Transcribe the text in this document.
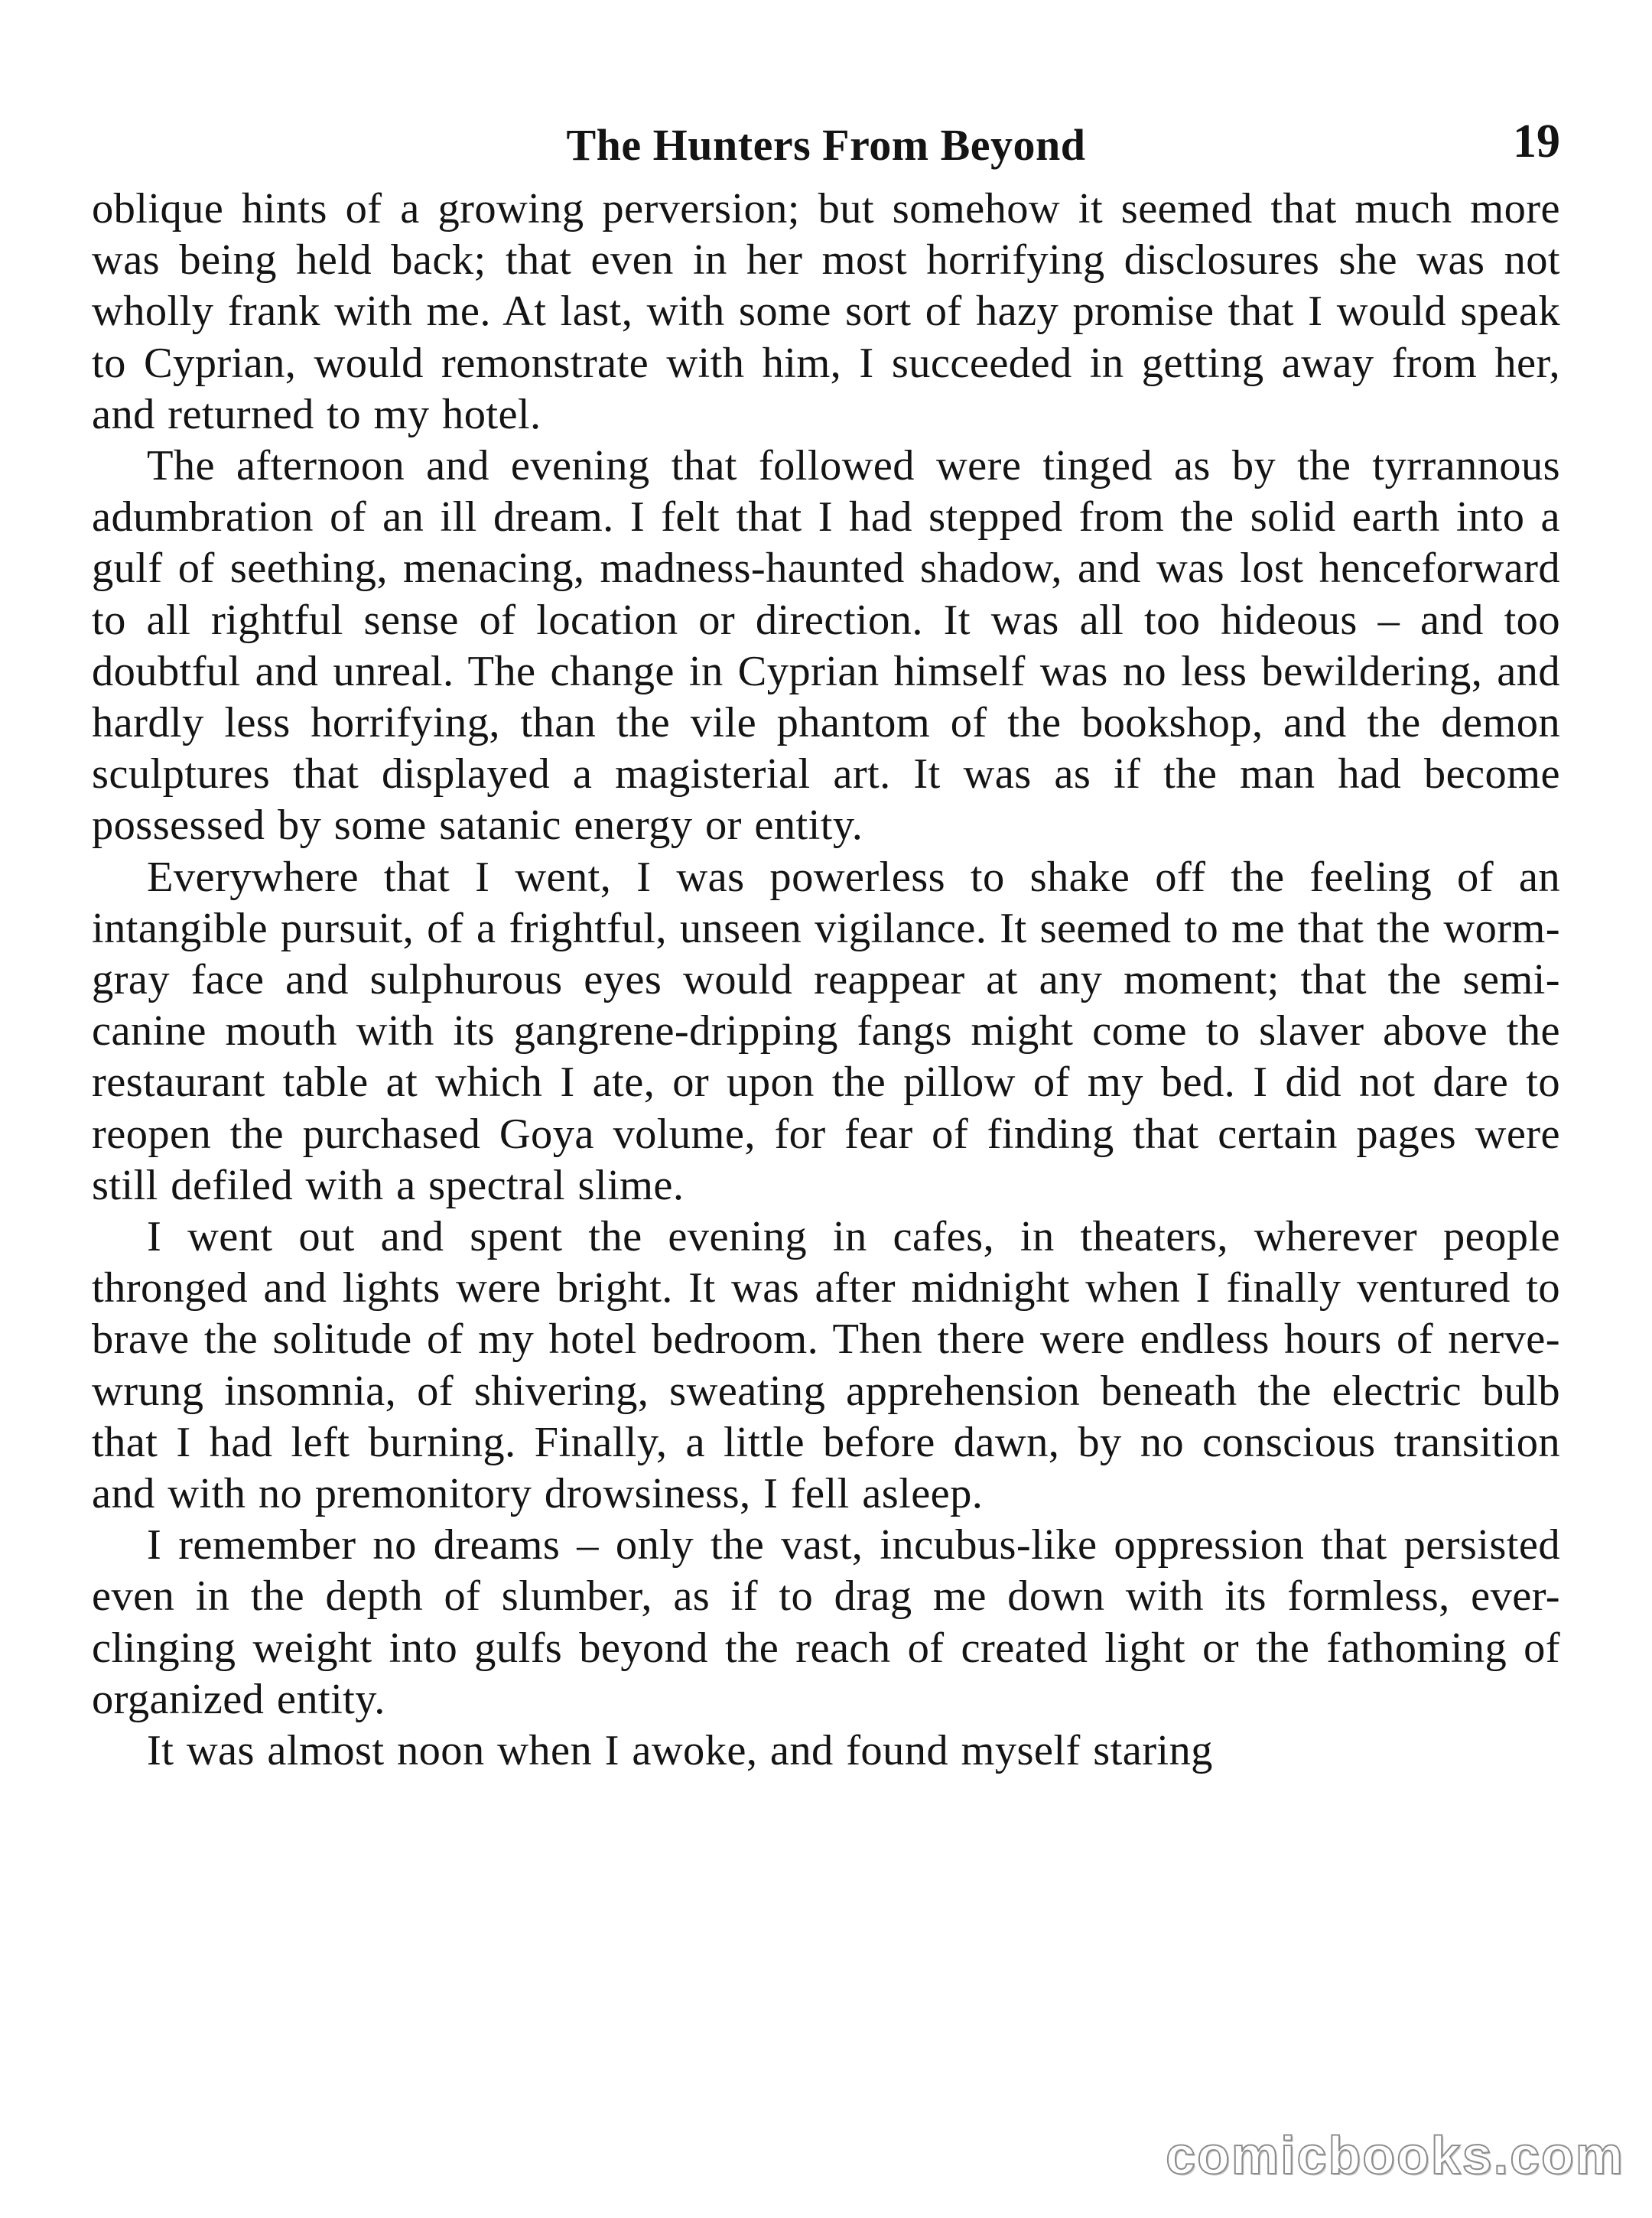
The Hunters From Beyond	19

oblique hints of a growing perversion; but somehow it seemed that much more was being held back; that even in her most horrifying disclosures she was not wholly frank with me. At last, with some sort of hazy promise that I would speak to Cyprian, would remonstrate with him, I succeeded in getting away from her, and returned to my hotel.

The afternoon and evening that followed were tinged as by the tyrrannous adumbration of an ill dream. I felt that I had stepped from the solid earth into a gulf of seething, menacing, madness-haunted shadow, and was lost henceforward to all rightful sense of location or direction. It was all too hideous – and too doubtful and unreal. The change in Cyprian himself was no less bewildering, and hardly less horrifying, than the vile phantom of the bookshop, and the demon sculptures that displayed a magisterial art. It was as if the man had become possessed by some satanic energy or entity.

Everywhere that I went, I was powerless to shake off the feeling of an intangible pursuit, of a frightful, unseen vigilance. It seemed to me that the worm-gray face and sulphurous eyes would reappear at any moment; that the semi-canine mouth with its gangrene-dripping fangs might come to slaver above the restaurant table at which I ate, or upon the pillow of my bed. I did not dare to reopen the purchased Goya volume, for fear of finding that certain pages were still defiled with a spectral slime.

I went out and spent the evening in cafes, in theaters, wherever people thronged and lights were bright. It was after midnight when I finally ventured to brave the solitude of my hotel bedroom. Then there were endless hours of nerve-wrung insomnia, of shivering, sweating apprehension beneath the electric bulb that I had left burning. Finally, a little before dawn, by no conscious transition and with no premonitory drowsiness, I fell asleep.

I remember no dreams – only the vast, incubus-like oppression that persisted even in the depth of slumber, as if to drag me down with its formless, ever-clinging weight into gulfs beyond the reach of created light or the fathoming of organized entity.

It was almost noon when I awoke, and found myself staring

comicbooks.com
